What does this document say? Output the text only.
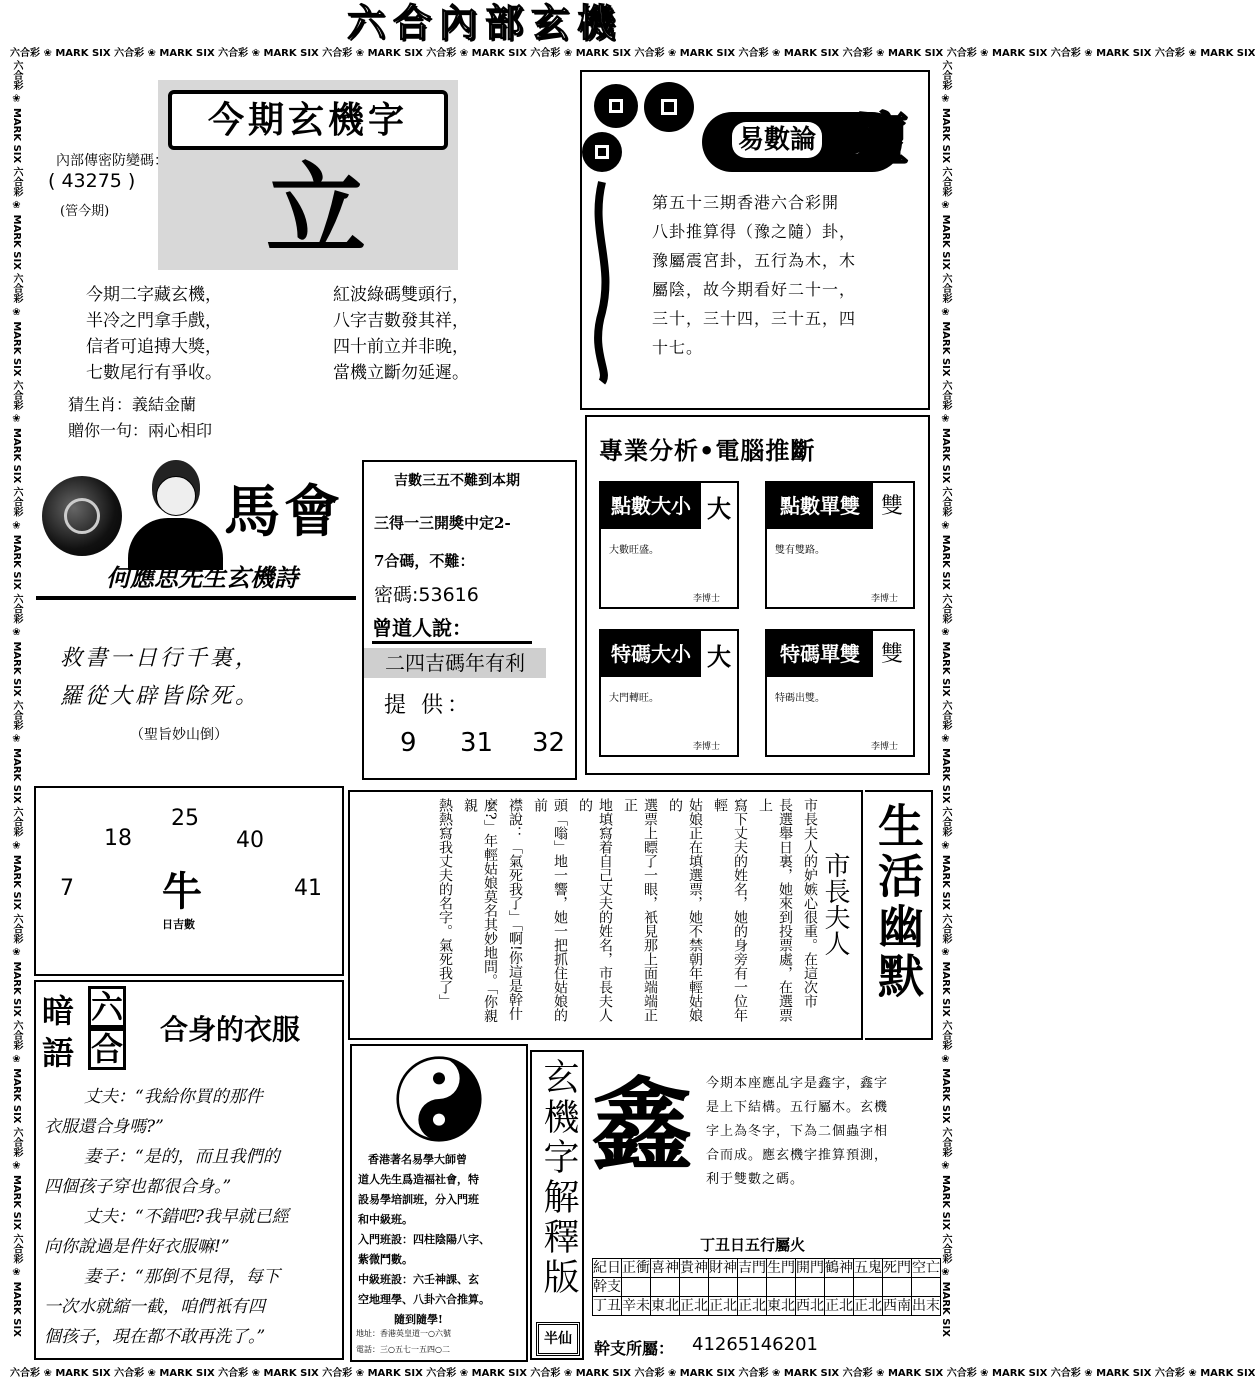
六合內部玄機
六合彩 ❀ MARK SIX 六合彩 ❀ MARK SIX 六合彩 ❀ MARK SIX 六合彩 ❀ MARK SIX 六合彩 ❀ MARK SIX 六合彩 ❀ MARK SIX 六合彩 ❀ MARK SIX 六合彩 ❀ MARK SIX 六合彩 ❀ MARK SIX 六合彩 ❀ MARK SIX 六合彩 ❀ MARK SIX 六合彩 ❀ MARK SIX
六合彩 ❀ MARK SIX 六合彩 ❀ MARK SIX 六合彩 ❀ MARK SIX 六合彩 ❀ MARK SIX 六合彩 ❀ MARK SIX 六合彩 ❀ MARK SIX 六合彩 ❀ MARK SIX 六合彩 ❀ MARK SIX 六合彩 ❀ MARK SIX 六合彩 ❀ MARK SIX 六合彩 ❀ MARK SIX 六合彩 ❀ MARK SIX
六合彩 ❀ MARK SIX 六合彩 ❀ MARK SIX 六合彩 ❀ MARK SIX 六合彩 ❀ MARK SIX 六合彩 ❀ MARK SIX 六合彩 ❀ MARK SIX 六合彩 ❀ MARK SIX 六合彩 ❀ MARK SIX 六合彩 ❀ MARK SIX 六合彩 ❀ MARK SIX 六合彩 ❀ MARK SIX 六合彩 ❀ MARK SIX	六合彩 ❀ MARK SIX 六合彩 ❀ MARK SIX 六合彩 ❀ MARK SIX 六合彩 ❀ MARK SIX 六合彩 ❀ MARK SIX 六合彩 ❀ MARK SIX 六合彩 ❀ MARK SIX 六合彩 ❀ MARK SIX 六合彩 ❀ MARK SIX 六合彩 ❀ MARK SIX 六合彩 ❀ MARK SIX 六合彩 ❀ MARK SIX
今期玄機字
內部傳密防變碼：
( 43275 )
(管今期) 立
今期二字藏玄機，
半冷之門拿手戲，
信者可追搏大獎，
七數尾行有爭收。
紅波綠碼雙頭行，
八字吉數發其祥，
四十前立并非晚，
當機立斷勿延遲。
猜生肖：義結金蘭
贈你一句：兩心相印
易數論 壇
第五十三期香港六合彩開
八卦推算得（豫之隨）卦，
豫屬震宮卦，五行為木，木
屬陰，故今期看好二十一，
三十，三十四，三十五，四
十七。
馬會
何應思先生玄機詩
救書一日行千裏，
羅從大辟皆除死。
（聖旨妙山倒）
吉數三五不難到本期
三得一三開獎中定2-
7合碼，不難：
密碼:53616
曾道人說：
二四吉碼年有利
提 供：
9 31 32
專業分析•電腦推斷
點數大小 大
大數旺盛。
李博士
點數單雙 雙
雙有雙路。
李博士
特碼大小 大
大門轉旺。
李博士
特碼單雙 雙
特碼出雙。
李博士
25
18	40
7	41
牛
日吉數	市長夫人的妒嫉心很重。在這次市
長選舉日裏，她來到投票處，在選票上
寫下丈夫的姓名，她的身旁有一位年輕
姑娘正在填選票，她不禁朝年輕姑娘的
選票上瞟了一眼，衹見那上面端端正正
地填寫着自己丈夫的姓名，市長夫人的
頭「嗡」地一響，她一把抓住姑娘的前
襟說：「氣死我了」「啊!你這是幹什
麼?」年輕姑娘莫名其妙地問。「你親親
熱熱寫我丈夫的名字。氣死我了」	市長夫人 生活幽默
暗 六
語 合
合身的衣服
丈夫：“我給你買的那件
衣服還合身嗎?”
妻子：“是的，而且我們的
四個孩子穿也都很合身。”
丈夫：“不錯吧?我早就已經
向你說過是件好衣服嘛!”
妻子：“那倒不見得，每下
一次水就縮一截，咱們衹有四
個孩子，現在都不敢再洗了。”
香港著名易學大師曾
道人先生爲造福社會，特
設易學培訓班，分入門班
和中級班。
入門班設：四柱陰陽八字、
紫微鬥數。
中級班設：六壬神課、玄
空地理學、八卦六合推算。
隨到隨學!
地址：香港英皇道一○六號
電話：三○五七一五四○二
玄機字解釋版
半仙
鑫 今期本座應乩字是鑫字，鑫字
是上下結構。五行屬木。玄機
字上為冬字，下為二個蟲字相
合而成。應玄機字推算預測，
利于雙數之碼。
丁丑日五行屬火
紀日	正衝	喜神	貴神	財神	吉門	生門	開門	鶴神	五鬼	死門	空亡
幹支											
丁丑	辛未	東北	正北	正北	正北	東北	西北	正北	正北	西南	出末
幹支所屬： 41265146201
